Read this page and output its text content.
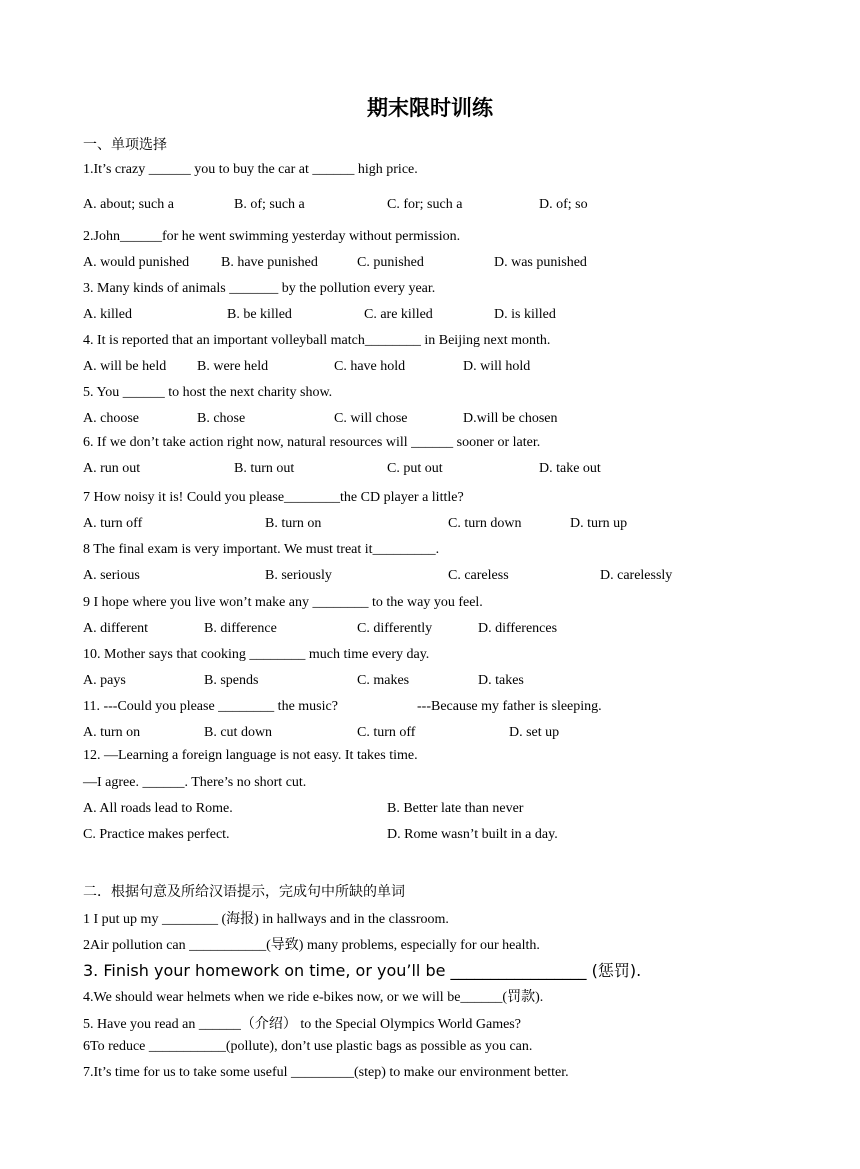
期末限时训练
一、单项选择
1.It’s crazy ______ you to buy the car at ______ high price.
A. about; such a	B. of; such a	C. for; such a	D. of; so
2.John______for he went swimming yesterday without permission.
A. would punished B. have punished	C. punished	D. was punished
3. Many kinds of animals _______ by the pollution every year.
A. killed	B. be killed	C. are killed	D. is killed
4. It is reported that an important volleyball match________ in Beijing next month.
A. will be held B. were held	C. have hold	D. will hold
5. You ______ to host the next charity show.
A. choose	B. chose	C. will chose	D.will be chosen
6. If we don’t take action right now, natural resources will ______ sooner or later.
A. run out	B. turn out	C. put out	D. take out
7 How noisy it is! Could you please________the CD player a little?
A. turn off	B. turn on	C. turn down	D. turn up
8 The final exam is very important. We must treat it_________.
A. serious	B. seriously	C. careless	D. carelessly
9 I hope where you live won’t make any ________ to the way you feel.
A. different	B. difference	C. differently	D. differences
10. Mother says that cooking ________ much time every day.
A. pays	B. spends	C. makes	D. takes
11. ---Could you please ________ the music?	---Because my father is sleeping.
A. turn on	B. cut down	C. turn off	D. set up
12. —Learning a foreign language is not easy. It takes time.
—I agree. ______. There’s no short cut.
A. All roads lead to Rome.	B. Better late than never
C. Practice makes perfect.	D. Rome wasn’t built in a day.
二．根据句意及所给汉语提示，完成句中所缺的单词
1 I put up my ________ (海报) in hallways and in the classroom.
2Air pollution can ___________(导致) many problems, especially for our health.
3. Finish your homework on time, or you’ll be _________________ (惩罚).
4.We should wear helmets when we ride e-bikes now, or we will be______(罚款).
5. Have you read an ______（介绍） to the Special Olympics World Games?
6To reduce ___________(pollute), don’t use plastic bags as possible as you can.
7.It’s time for us to take some useful _________(step) to make our environment better.
